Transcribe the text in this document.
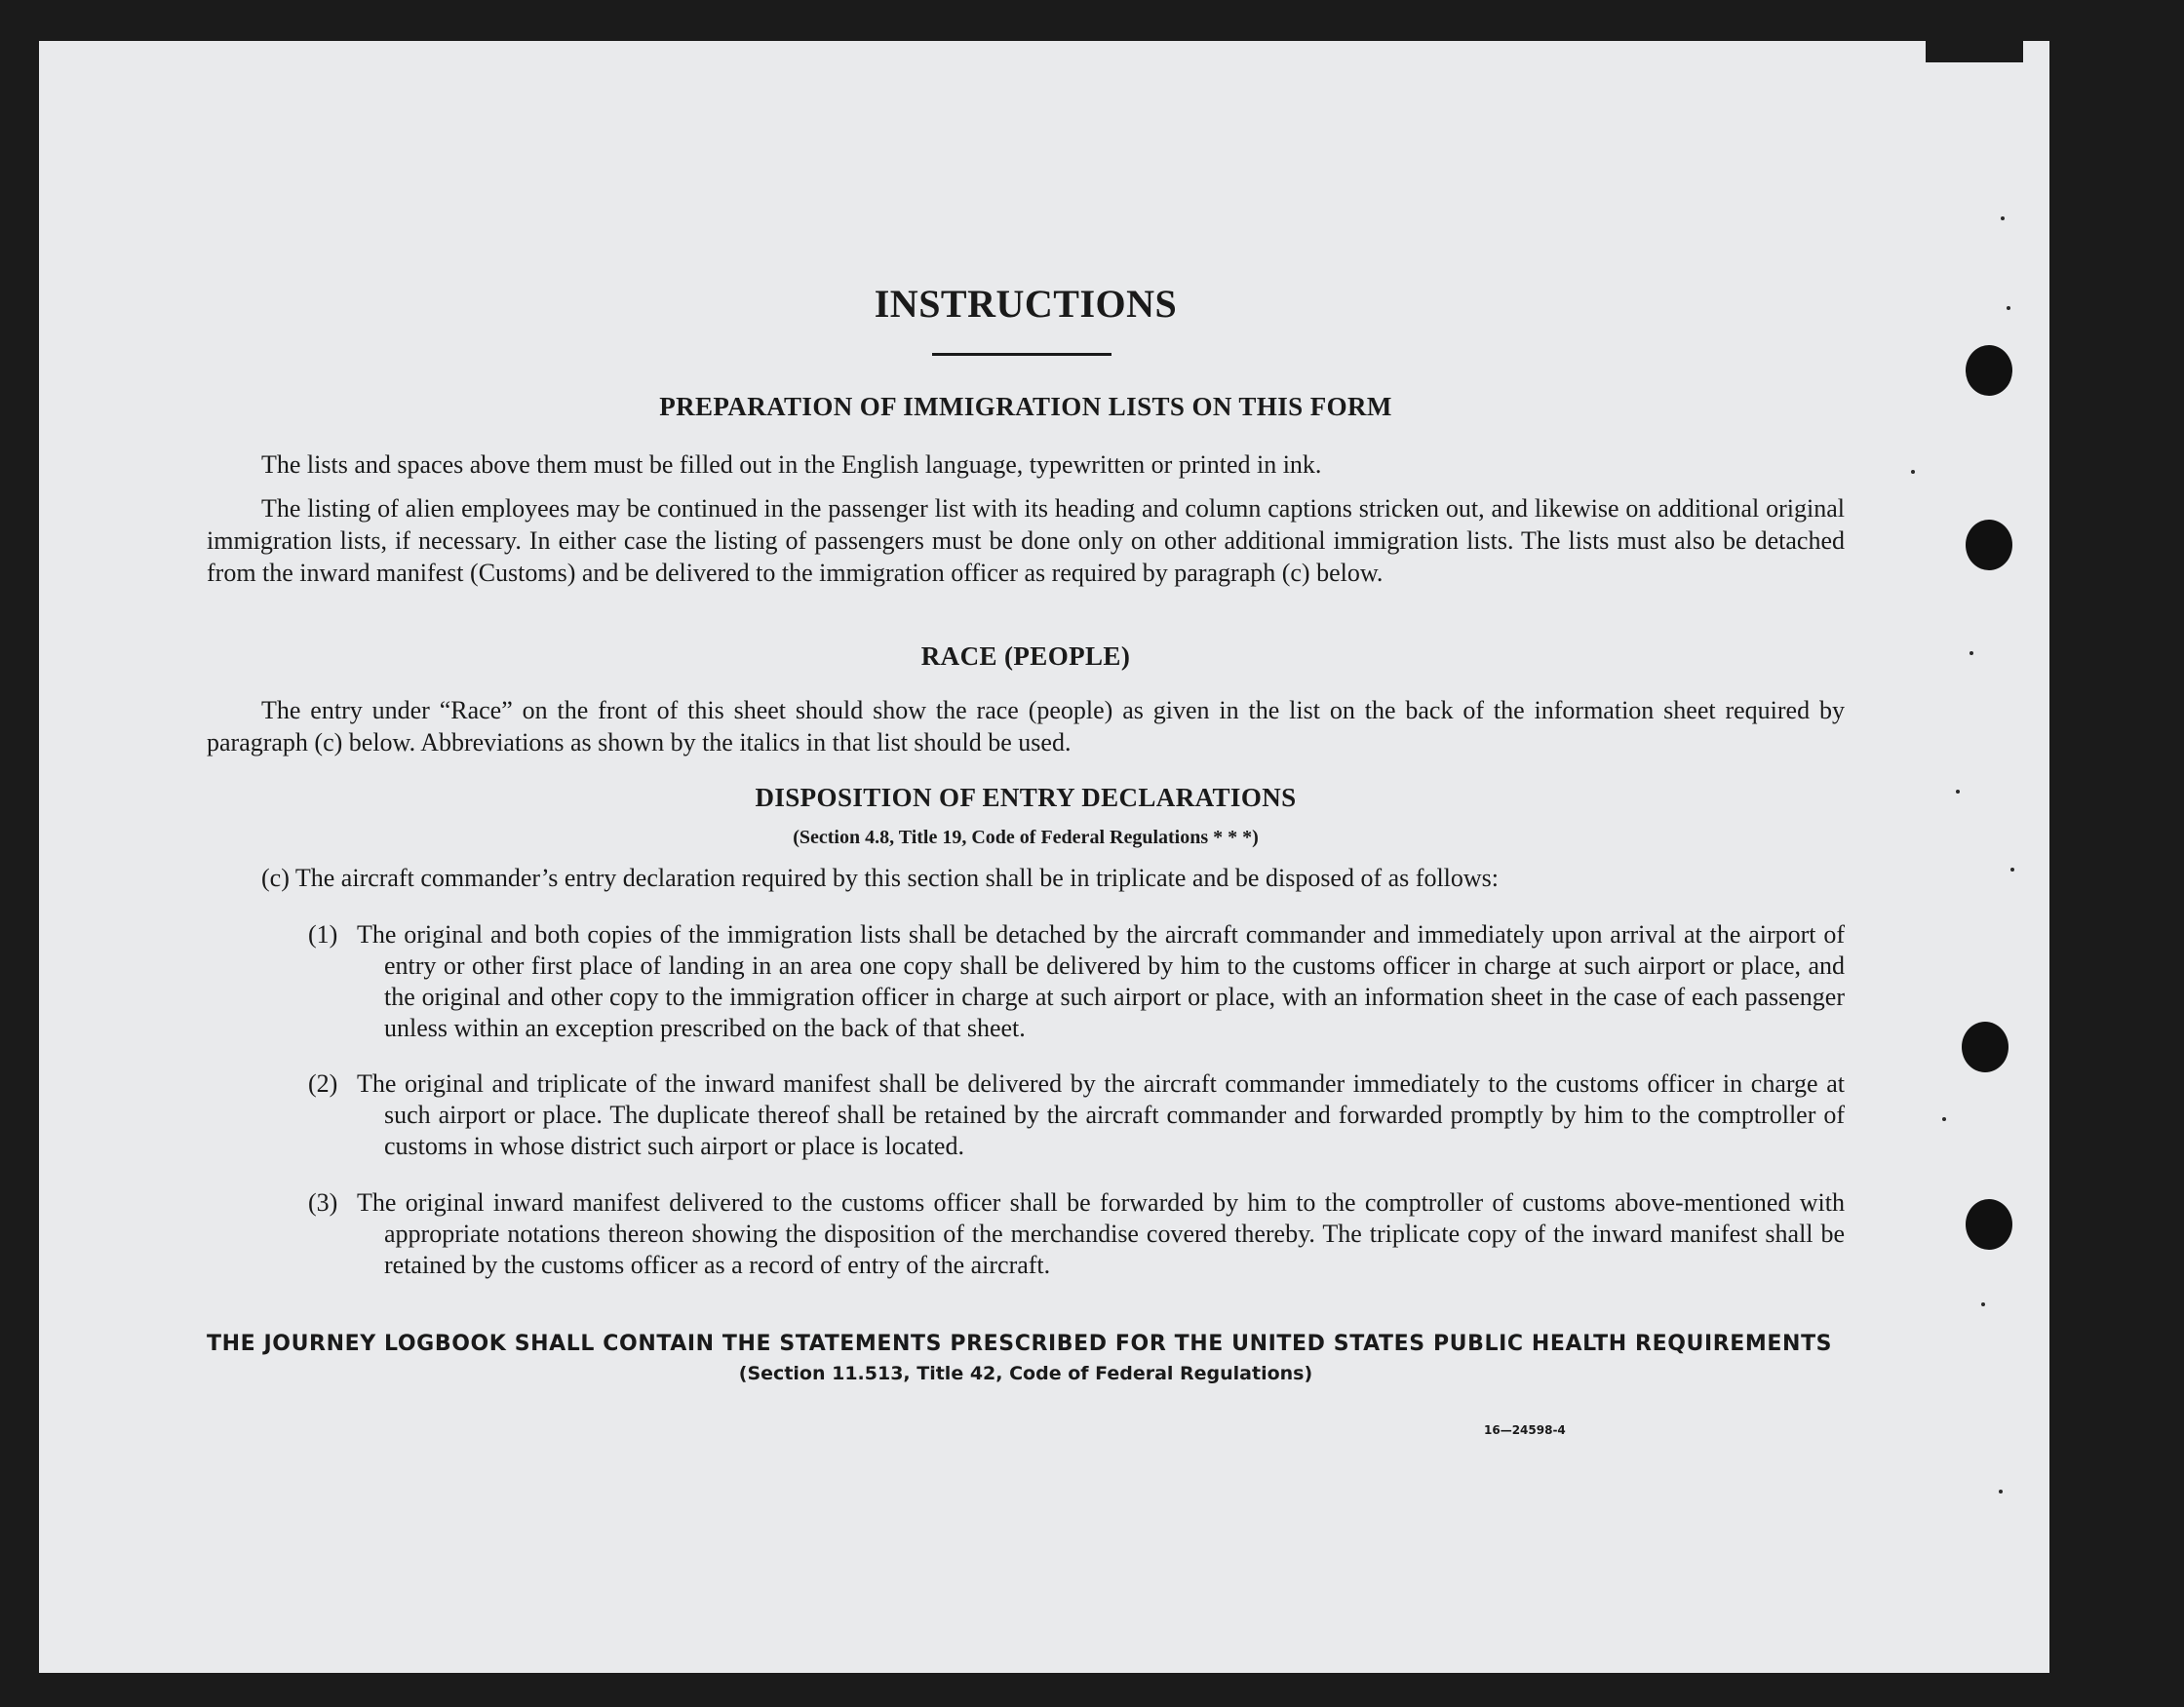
INSTRUCTIONS
PREPARATION OF IMMIGRATION LISTS ON THIS FORM
The lists and spaces above them must be filled out in the English language, typewritten or printed in ink.
The listing of alien employees may be continued in the passenger list with its heading and column captions stricken out, and likewise on additional original immigration lists, if necessary. In either case the listing of passengers must be done only on other additional immigration lists. The lists must also be detached from the inward manifest (Customs) and be delivered to the immigration officer as required by paragraph (c) below.
RACE (PEOPLE)
The entry under “Race” on the front of this sheet should show the race (people) as given in the list on the back of the information sheet required by paragraph (c) below. Abbreviations as shown by the italics in that list should be used.
DISPOSITION OF ENTRY DECLARATIONS
(Section 4.8, Title 19, Code of Federal Regulations * * *)
(c) The aircraft commander’s entry declaration required by this section shall be in triplicate and be disposed of as follows:
(1) The original and both copies of the immigration lists shall be detached by the aircraft commander and immediately upon arrival at the airport of entry or other first place of landing in an area one copy shall be delivered by him to the customs officer in charge at such airport or place, and the original and other copy to the immigration officer in charge at such airport or place, with an information sheet in the case of each passenger unless within an exception prescribed on the back of that sheet.
(2) The original and triplicate of the inward manifest shall be delivered by the aircraft commander immediately to the customs officer in charge at such airport or place. The duplicate thereof shall be retained by the aircraft commander and forwarded promptly by him to the comptroller of customs in whose district such airport or place is located.
(3) The original inward manifest delivered to the customs officer shall be forwarded by him to the comptroller of customs above-mentioned with appropriate notations thereon showing the disposition of the merchandise covered thereby. The triplicate copy of the inward manifest shall be retained by the customs officer as a record of entry of the aircraft.
THE JOURNEY LOGBOOK SHALL CONTAIN THE STATEMENTS PRESCRIBED FOR THE UNITED STATES PUBLIC HEALTH REQUIREMENTS
(Section 11.513, Title 42, Code of Federal Regulations)
16—24598-4
